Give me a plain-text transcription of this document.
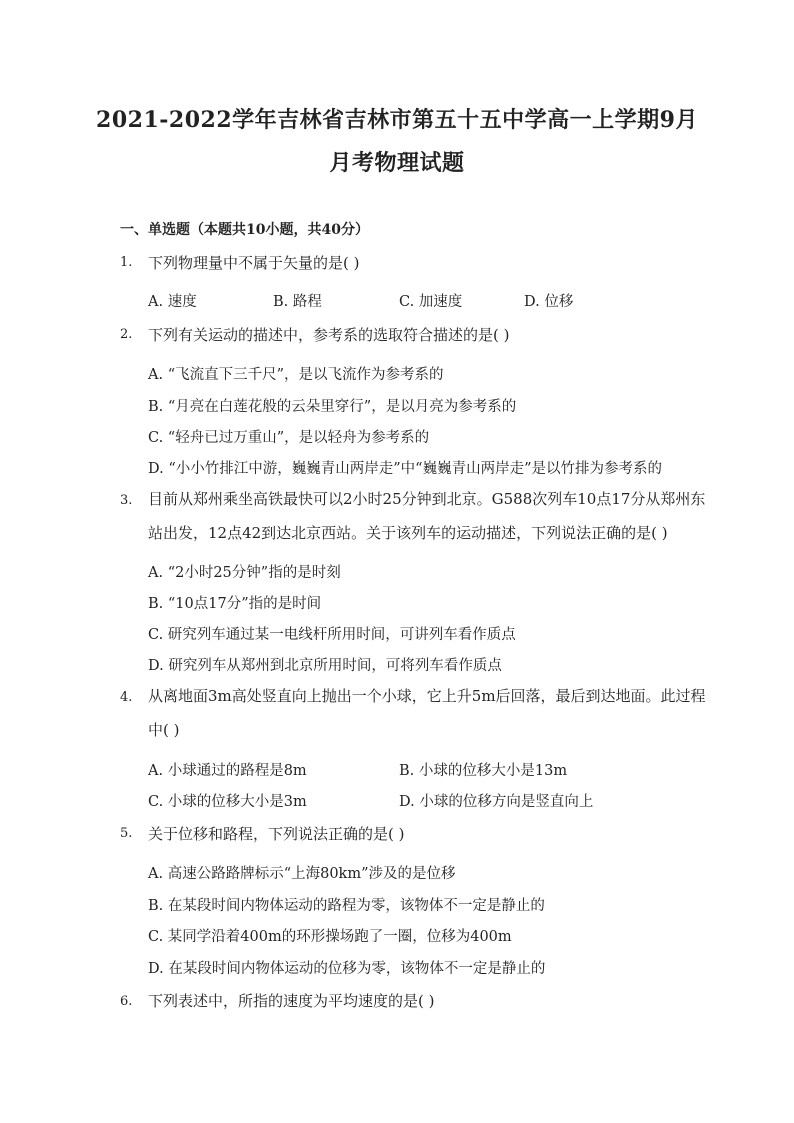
2021-2022学年吉林省吉林市第五十五中学高一上学期9月
月考物理试题
一、单选题（本题共10小题，共40分）
1. 下列物理量中不属于矢量的是( )
A. 速度	B. 路程	C. 加速度	D. 位移
2. 下列有关运动的描述中，参考系的选取符合描述的是( )
A. “飞流直下三千尺”，是以飞流作为参考系的
B. “月亮在白莲花般的云朵里穿行”，是以月亮为参考系的
C. “轻舟已过万重山”，是以轻舟为参考系的
D. “小小竹排江中游，巍巍青山两岸走”中“巍巍青山两岸走”是以竹排为参考系的
3. 目前从郑州乘坐高铁最快可以2小时25分钟到北京。G588次列车10点17分从郑州东
站出发，12点42到达北京西站。关于该列车的运动描述，下列说法正确的是( )
A. “2小时25分钟”指的是时刻
B. “10点17分”指的是时间
C. 研究列车通过某一电线杆所用时间，可讲列车看作质点
D. 研究列车从郑州到北京所用时间，可将列车看作质点
4. 从离地面3m高处竖直向上抛出一个小球，它上升5m后回落，最后到达地面。此过程
中( )
A. 小球通过的路程是8m	B. 小球的位移大小是13m
C. 小球的位移大小是3m	D. 小球的位移方向是竖直向上
5. 关于位移和路程，下列说法正确的是( )
A. 高速公路路牌标示“上海80km”涉及的是位移
B. 在某段时间内物体运动的路程为零，该物体不一定是静止的
C. 某同学沿着400m的环形操场跑了一圈，位移为400m
D. 在某段时间内物体运动的位移为零，该物体不一定是静止的
6. 下列表述中，所指的速度为平均速度的是( )
